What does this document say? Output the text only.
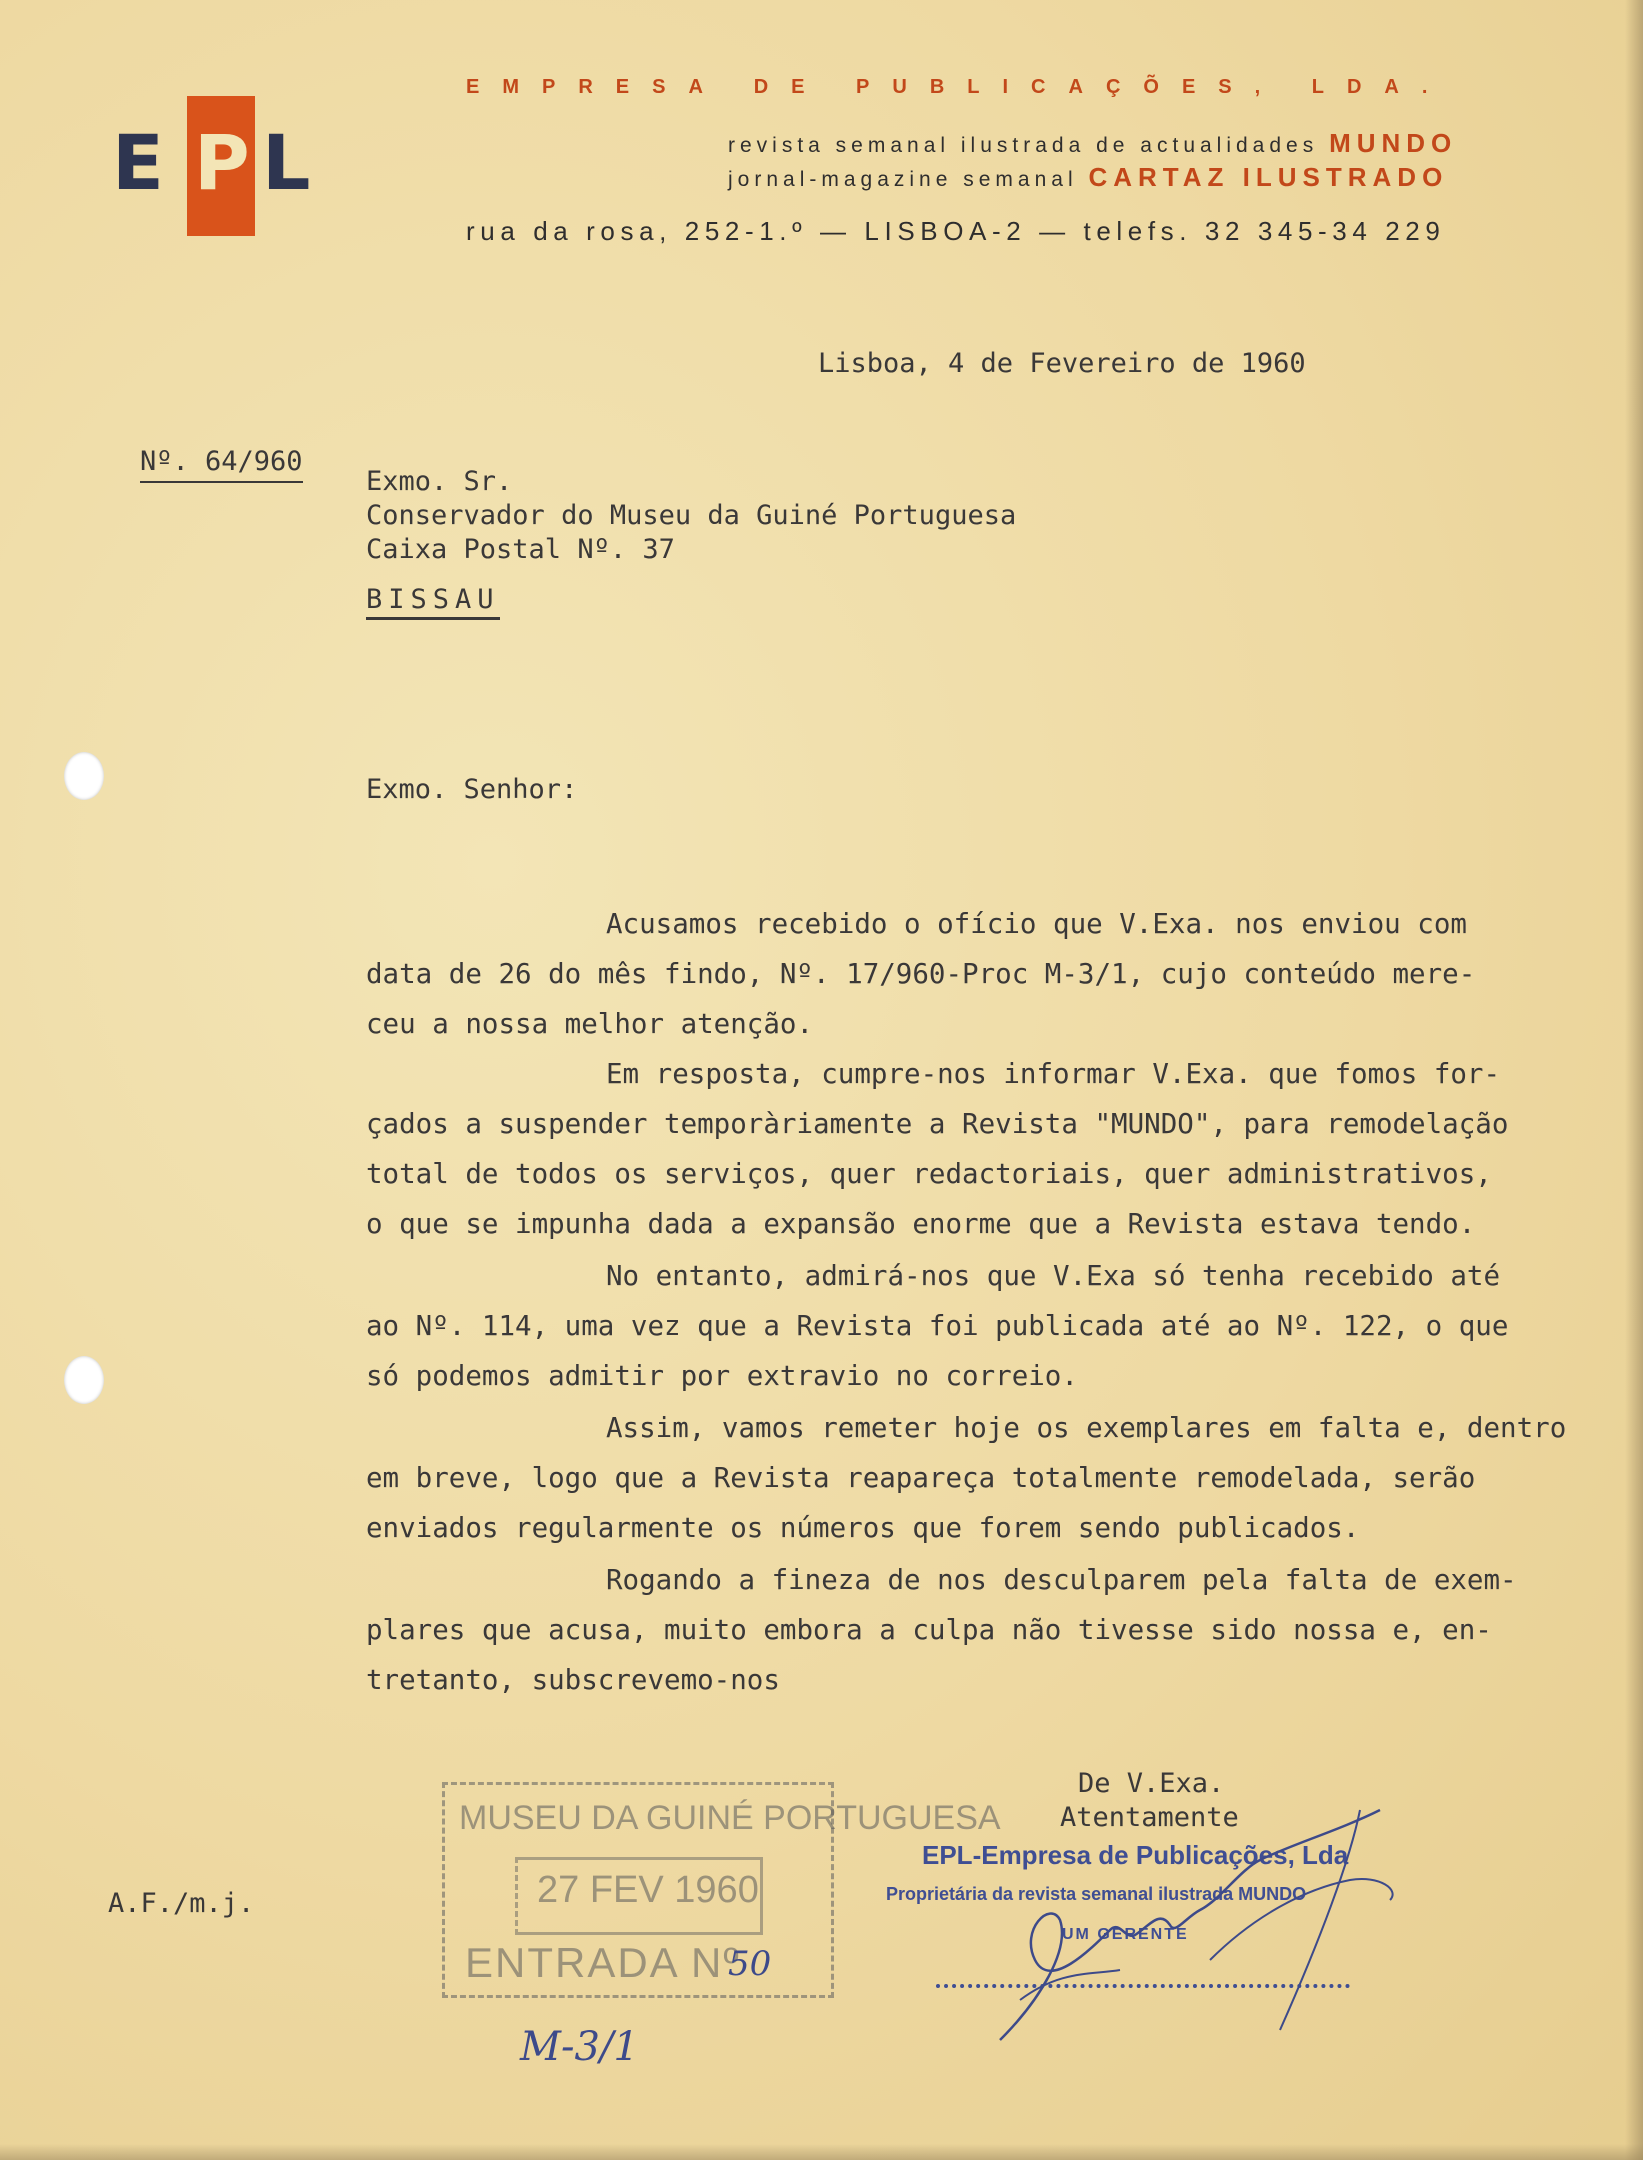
E P L
EMPRESA DE PUBLICAÇÕES, LDA.
revista semanal ilustrada de actualidades MUNDO
jornal-magazine semanal CARTAZ ILUSTRADO
rua da rosa, 252-1.º — LISBOA-2 — telefs. 32 345-34 229
Lisboa, 4 de Fevereiro de 1960
Nº. 64/960
Exmo. Sr.
Conservador do Museu da Guiné Portuguesa
Caixa Postal Nº. 37
BISSAU
Exmo. Senhor:
Acusamos recebido o ofício que V.Exa. nos enviou com
data de 26 do mês findo, Nº. 17/960-Proc M-3/1, cujo conteúdo mere-
ceu a nossa melhor atenção.
Em resposta, cumpre-nos informar V.Exa. que fomos for-
çados a suspender temporàriamente a Revista "MUNDO", para remodelação
total de todos os serviços, quer redactoriais, quer administrativos,
o que se impunha dada a expansão enorme que a Revista estava tendo.
No entanto, admirá-nos que V.Exa só tenha recebido até
ao Nº. 114, uma vez que a Revista foi publicada até ao Nº. 122, o que
só podemos admitir por extravio no correio.
Assim, vamos remeter hoje os exemplares em falta e, dentro
em breve, logo que a Revista reapareça totalmente remodelada, serão
enviados regularmente os números que forem sendo publicados.
Rogando a fineza de nos desculparem pela falta de exem-
plares que acusa, muito embora a culpa não tivesse sido nossa e, en-
tretanto, subscrevemo-nos
De V.Exa.
Atentamente
EPL-Empresa de Publicações, Lda
Proprietária da revista semanal ilustrada MUNDO
UM GERENTE
A.F./m.j.
MUSEU DA GUINÉ PORTUGUESA
27 FEV 1960
ENTRADA Nº
50
M-3/1
